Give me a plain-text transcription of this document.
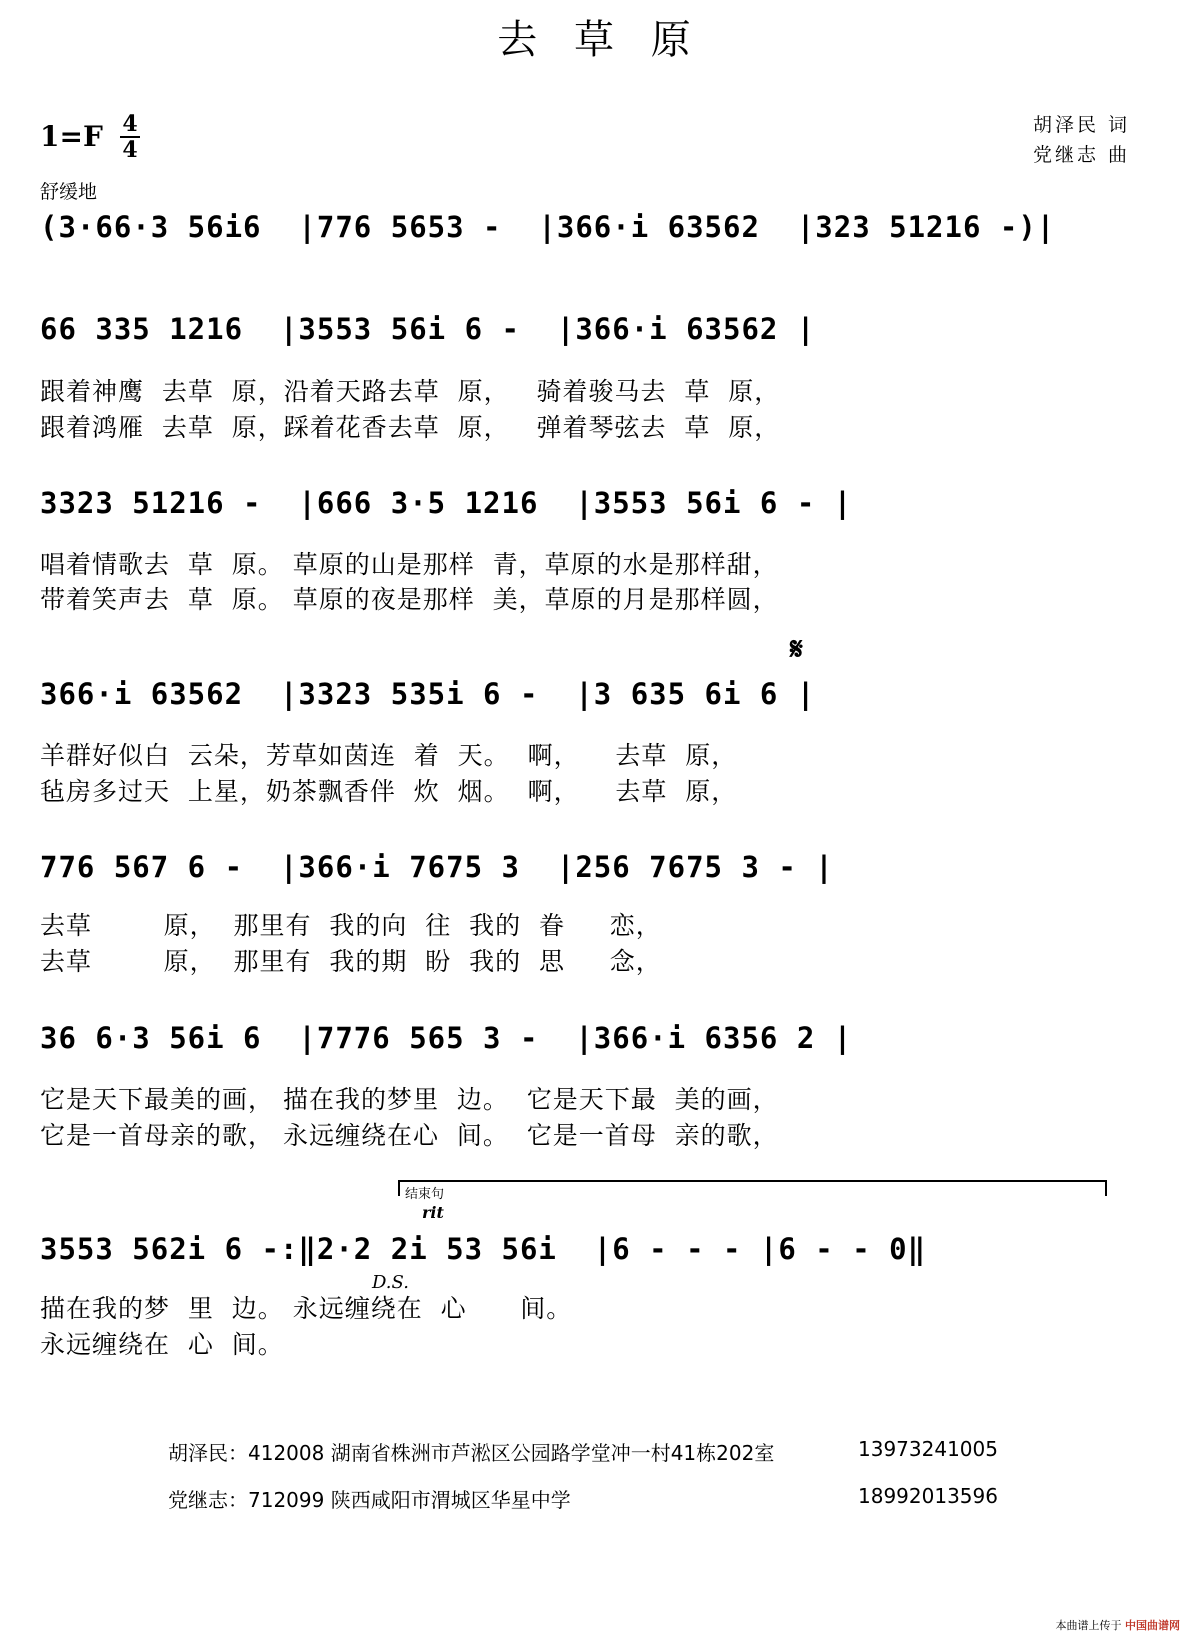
去 草 原
1=F 4
4
舒缓地
胡泽民 词
党继志 曲
(3·66·3 56i6  |776 5653 -  |366·i 63562  |323 51216 -)|
66 335 1216  |3553 56i 6 -  |366·i 63562 |
跟着神鹰  去草  原，沿着天路去草  原，   骑着骏马去  草  原，
跟着鸿雁  去草  原，踩着花香去草  原，   弹着琴弦去  草  原，
3323 51216 -  |666 3·5 1216  |3553 56i 6 - |
唱着情歌去  草  原。 草原的山是那样  青，草原的水是那样甜，
带着笑声去  草  原。 草原的夜是那样  美，草原的月是那样圆，
𝄋
366·i 63562  |3323 535i 6 -  |3 635 6i 6 |
羊群好似白  云朵，芳草如茵连  着  天。  啊，    去草  原，
毡房多过天  上星，奶茶飘香伴  炊  烟。  啊，    去草  原，
776 567 6 -  |366·i 7675 3  |256 7675 3 - |
去草        原，  那里有  我的向  往  我的  眷     恋，
去草        原，  那里有  我的期  盼  我的  思     念，
36 6·3 56i 6  |7776 565 3 -  |366·i 6356 2 |
它是天下最美的画， 描在我的梦里  边。  它是天下最  美的画，
它是一首母亲的歌， 永远缠绕在心  间。  它是一首母  亲的歌，
结束句
rit
3553 562i 6 -:‖2·2 2i 53 56i  |6 - - - |6 - - 0‖
D.S.
描在我的梦  里  边。 永远缠绕在  心      间。
永远缠绕在  心  间。
胡泽民：412008 湖南省株洲市芦淞区公园路学堂冲一村41栋202室	13973241005
党继志：712099 陕西咸阳市渭城区华星中学	18992013596
本曲谱上传于 中国曲谱网
